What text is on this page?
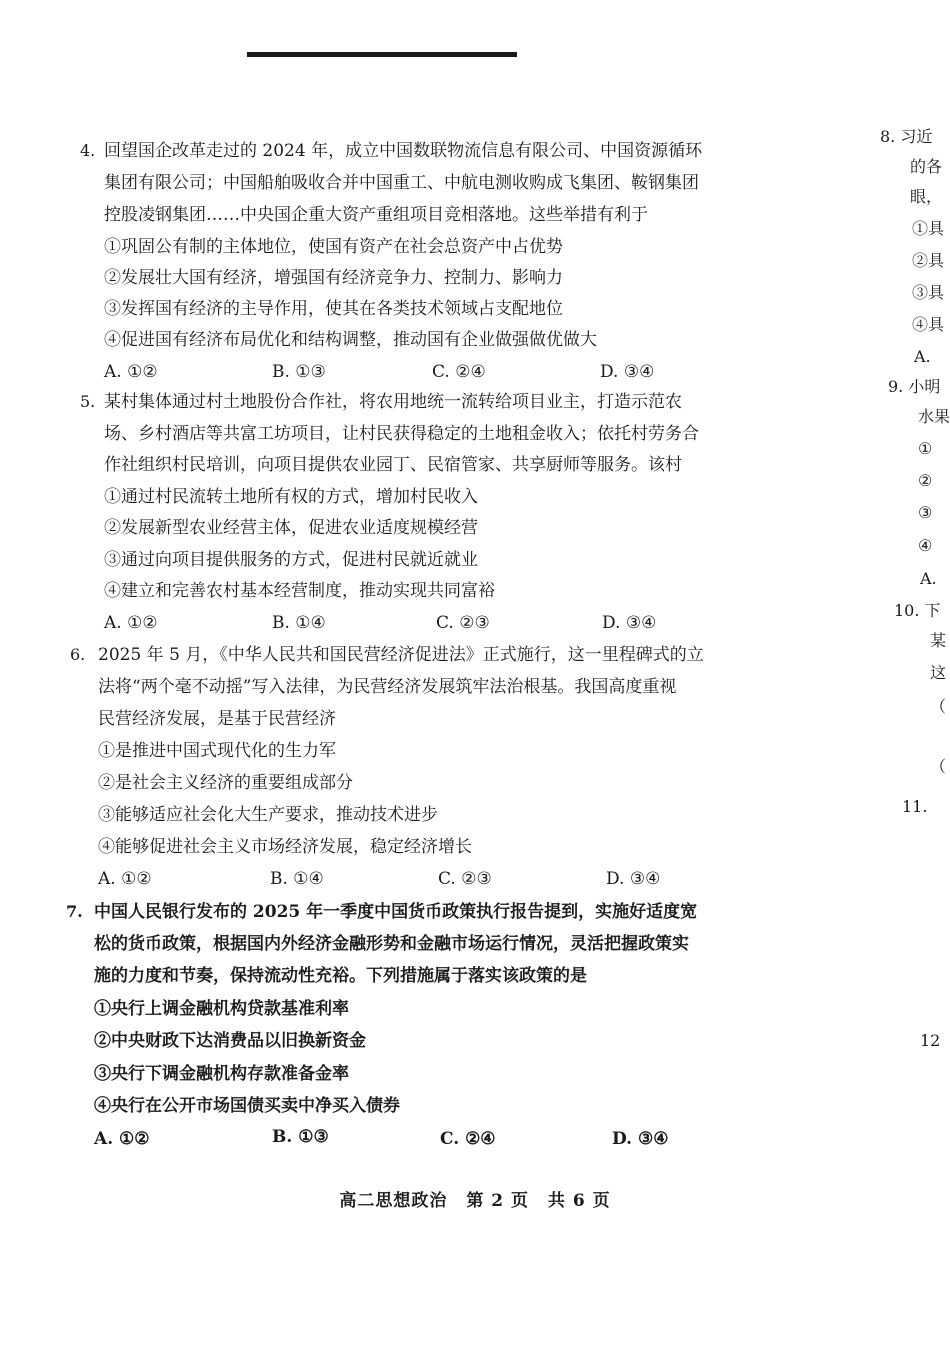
4. 回望国企改革走过的 2024 年，成立中国数联物流信息有限公司、中国资源循环
集团有限公司；中国船舶吸收合并中国重工、中航电测收购成飞集团、鞍钢集团
控股凌钢集团……中央国企重大资产重组项目竞相落地。这些举措有利于
①巩固公有制的主体地位，使国有资产在社会总资产中占优势
②发展壮大国有经济，增强国有经济竞争力、控制力、影响力
③发挥国有经济的主导作用，使其在各类技术领域占支配地位
④促进国有经济布局优化和结构调整，推动国有企业做强做优做大
A. ①②	B. ①③	C. ②④	D. ③④
5. 某村集体通过村土地股份合作社，将农用地统一流转给项目业主，打造示范农
场、乡村酒店等共富工坊项目，让村民获得稳定的土地租金收入；依托村劳务合
作社组织村民培训，向项目提供农业园丁、民宿管家、共享厨师等服务。该村
①通过村民流转土地所有权的方式，增加村民收入
②发展新型农业经营主体，促进农业适度规模经营
③通过向项目提供服务的方式，促进村民就近就业
④建立和完善农村基本经营制度，推动实现共同富裕
A. ①②	B. ①④	C. ②③	D. ③④
6. 2025 年 5 月，《中华人民共和国民营经济促进法》正式施行，这一里程碑式的立
法将“两个毫不动摇”写入法律，为民营经济发展筑牢法治根基。我国高度重视
民营经济发展，是基于民营经济
①是推进中国式现代化的生力军
②是社会主义经济的重要组成部分
③能够适应社会化大生产要求，推动技术进步
④能够促进社会主义市场经济发展，稳定经济增长
A. ①②	B. ①④	C. ②③	D. ③④
7. 中国人民银行发布的 2025 年一季度中国货币政策执行报告提到，实施好适度宽
松的货币政策，根据国内外经济金融形势和金融市场运行情况，灵活把握政策实
施的力度和节奏，保持流动性充裕。下列措施属于落实该政策的是
①央行上调金融机构贷款基准利率
②中央财政下达消费品以旧换新资金
③央行下调金融机构存款准备金率
④央行在公开市场国债买卖中净买入债券
A. ①②	B. ①③	C. ②④	D. ③④
高二思想政治 第 2 页 共 6 页
8. 习近
的各
眼，
①具
②具
③具
④具
A.
9. 小明
水果
①
②
③
④
A.
10. 下
某
这
（
（
11.
12
